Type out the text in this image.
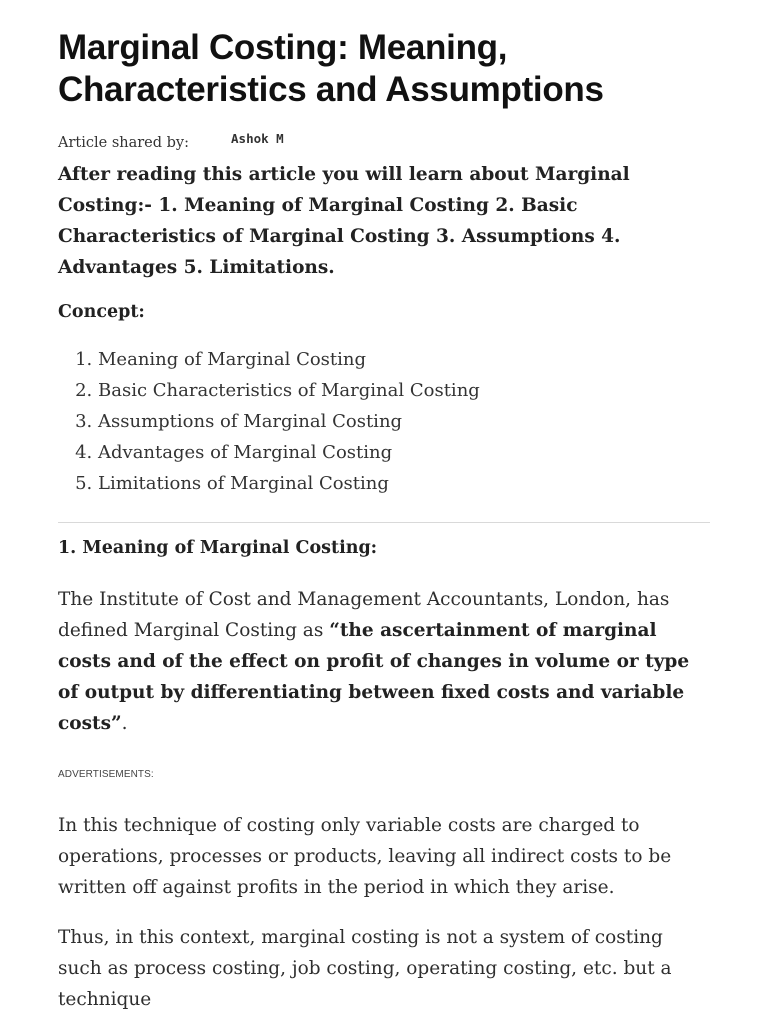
Marginal Costing: Meaning, Characteristics and Assumptions
Article shared by:	Ashok M
After reading this article you will learn about Marginal Costing:- 1. Meaning of Marginal Costing 2. Basic Characteristics of Marginal Costing 3. Assumptions 4. Advantages 5. Limitations.
Concept:
1. Meaning of Marginal Costing
2. Basic Characteristics of Marginal Costing
3. Assumptions of Marginal Costing
4. Advantages of Marginal Costing
5. Limitations of Marginal Costing
1. Meaning of Marginal Costing:

The Institute of Cost and Management Accountants, London, has defined Marginal Costing as “the ascertainment of marginal costs and of the effect on profit of changes in volume or type of output by differentiating between fixed costs and variable costs”.

ADVERTISEMENTS:

In this technique of costing only variable costs are charged to operations, processes or products, leaving all indirect costs to be written off against profits in the period in which they arise.

Thus, in this context, marginal costing is not a system of costing such as process costing, job costing, operating costing, etc. but a technique
